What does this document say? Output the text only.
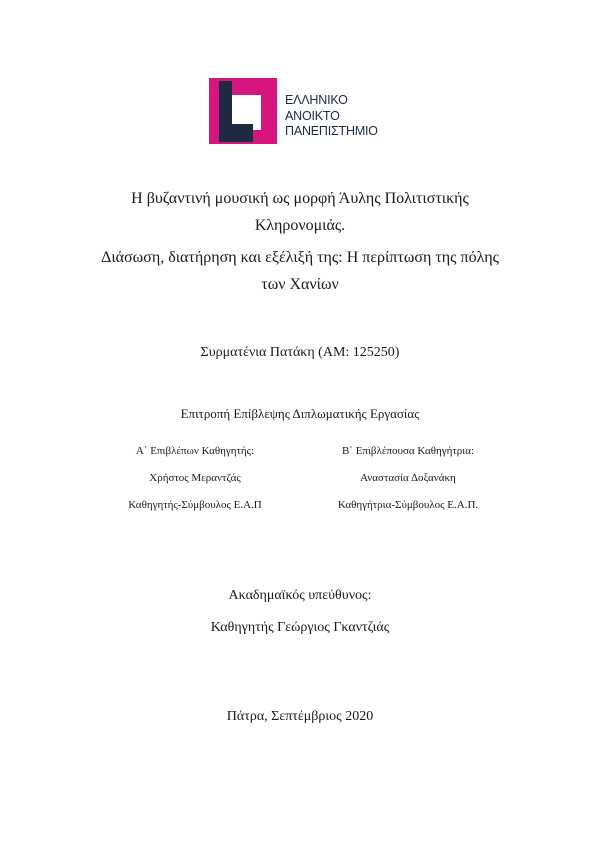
ΕΛΛΗΝΙΚΟ
ΑΝΟΙΚΤΟ
ΠΑΝΕΠΙΣΤΗΜΙΟ
Η βυζαντινή μουσική ως μορφή Άυλης Πολιτιστικής
Κληρονομιάς.
Διάσωση, διατήρηση και εξέλιξή της: Η περίπτωση της πόλης
των Χανίων
Συρματένια Πατάκη (ΑΜ: 125250)
Επιτροπή Επίβλεψης Διπλωματικής Εργασίας
Α΄ Επιβλέπων Καθηγητής:
Χρήστος Μεραντζάς
Καθηγητής-Σύμβουλος Ε.Α.Π
Β΄ Επιβλέπουσα Καθηγήτρια:
Αναστασία Δοξανάκη
Καθηγήτρια-Σύμβουλος Ε.Α.Π.
Ακαδημαϊκός υπεύθυνος:
Καθηγητής Γεώργιος Γκαντζιάς
Πάτρα, Σεπτέμβριος 2020
